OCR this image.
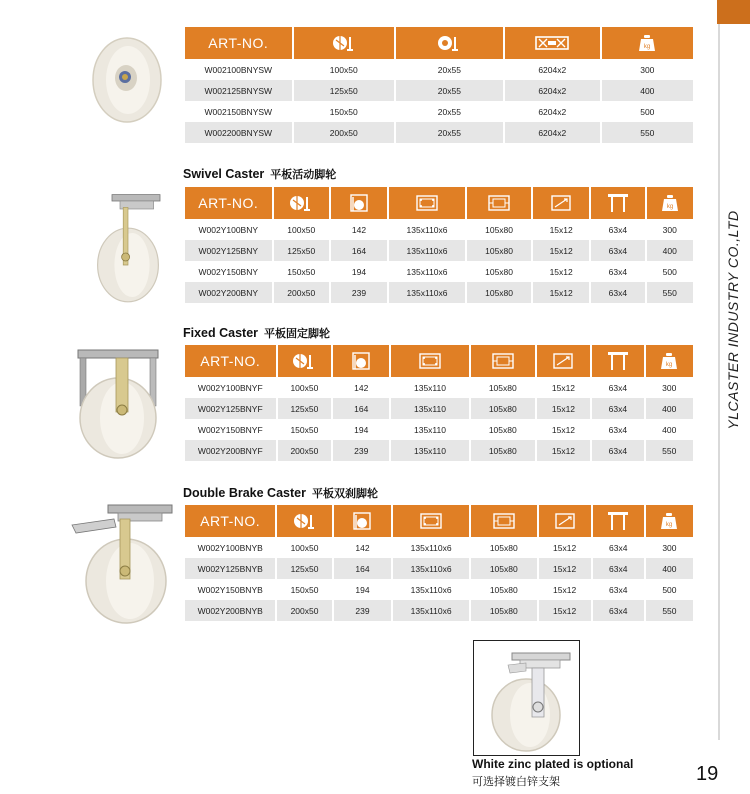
YLCASTER INDUSTRY CO.,LTD
19
ART-NO.				
W002100BNYSW	100x50	20x55	6204x2	300
W002125BNYSW	125x50	20x55	6204x2	400
W002150BNYSW	150x50	20x55	6204x2	500
W002200BNYSW	200x50	20x55	6204x2	550
Swivel Caster 平板活动脚轮
ART-NO.							
W002Y100BNY	100x50	142	135x110x6	105x80	15x12	63x4	300
W002Y125BNY	125x50	164	135x110x6	105x80	15x12	63x4	400
W002Y150BNY	150x50	194	135x110x6	105x80	15x12	63x4	500
W002Y200BNY	200x50	239	135x110x6	105x80	15x12	63x4	550
Fixed Caster 平板固定脚轮
ART-NO.							
W002Y100BNYF	100x50	142	135x110	105x80	15x12	63x4	300
W002Y125BNYF	125x50	164	135x110	105x80	15x12	63x4	400
W002Y150BNYF	150x50	194	135x110	105x80	15x12	63x4	400
W002Y200BNYF	200x50	239	135x110	105x80	15x12	63x4	550
Double Brake Caster 平板双刹脚轮
ART-NO.							
W002Y100BNYB	100x50	142	135x110x6	105x80	15x12	63x4	300
W002Y125BNYB	125x50	164	135x110x6	105x80	15x12	63x4	400
W002Y150BNYB	150x50	194	135x110x6	105x80	15x12	63x4	500
W002Y200BNYB	200x50	239	135x110x6	105x80	15x12	63x4	550
White zinc plated is optional
可选择镀白锌支架
